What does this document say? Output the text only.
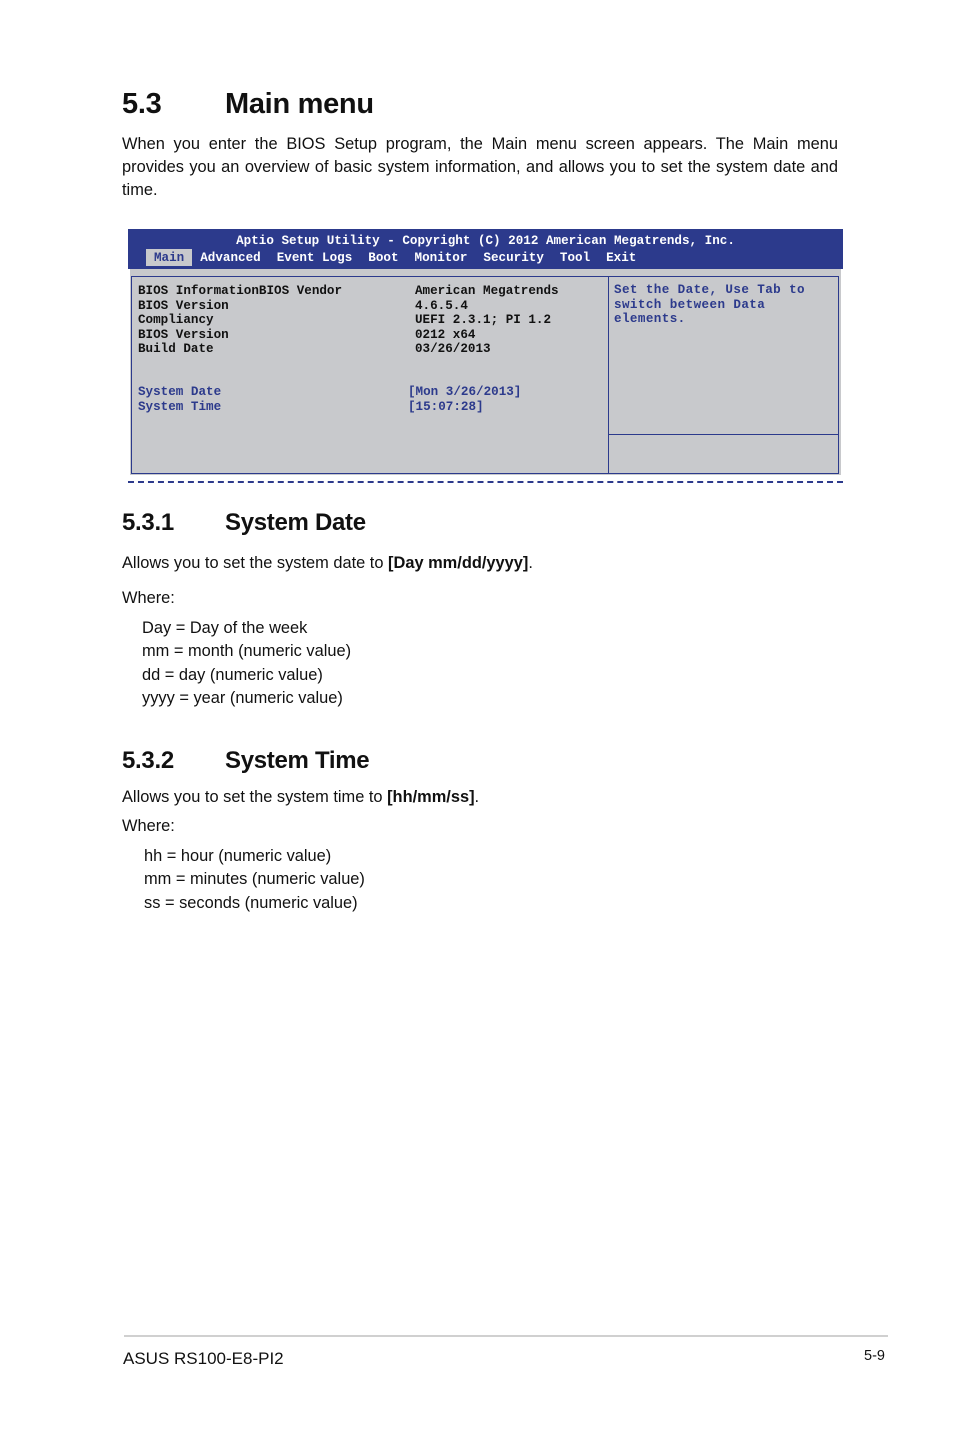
5.3 Main menu

When you enter the BIOS Setup program, the Main menu screen appears. The Main menu provides you an overview of basic system information, and allows you to set the system date and time.

Aptio Setup Utility - Copyright (C) 2012 American Megatrends, Inc.
Main	Advanced	Event Logs	Boot	Monitor	Security	Tool	Exit
BIOS InformationBIOS Vendor	American Megatrends
BIOS Version	4.6.5.4
Compliancy	UEFI 2.3.1; PI 1.2
BIOS Version	0212 x64
Build Date	03/26/2013
System Date	[Mon 3/26/2013]
System Time	[15:07:28]
Set the Date, Use Tab to switch between Data elements.
5.3.1 System Date

Allows you to set the system date to [Day mm/dd/yyyy].

Where:

Day = Day of the week
mm = month (numeric value)
dd = day (numeric value)
yyyy = year (numeric value)
5.3.2 System Time

Allows you to set the system time to [hh/mm/ss].

Where:

hh = hour (numeric value)
mm = minutes (numeric value)
ss = seconds (numeric value)
ASUS RS100-E8-PI2	5-9
